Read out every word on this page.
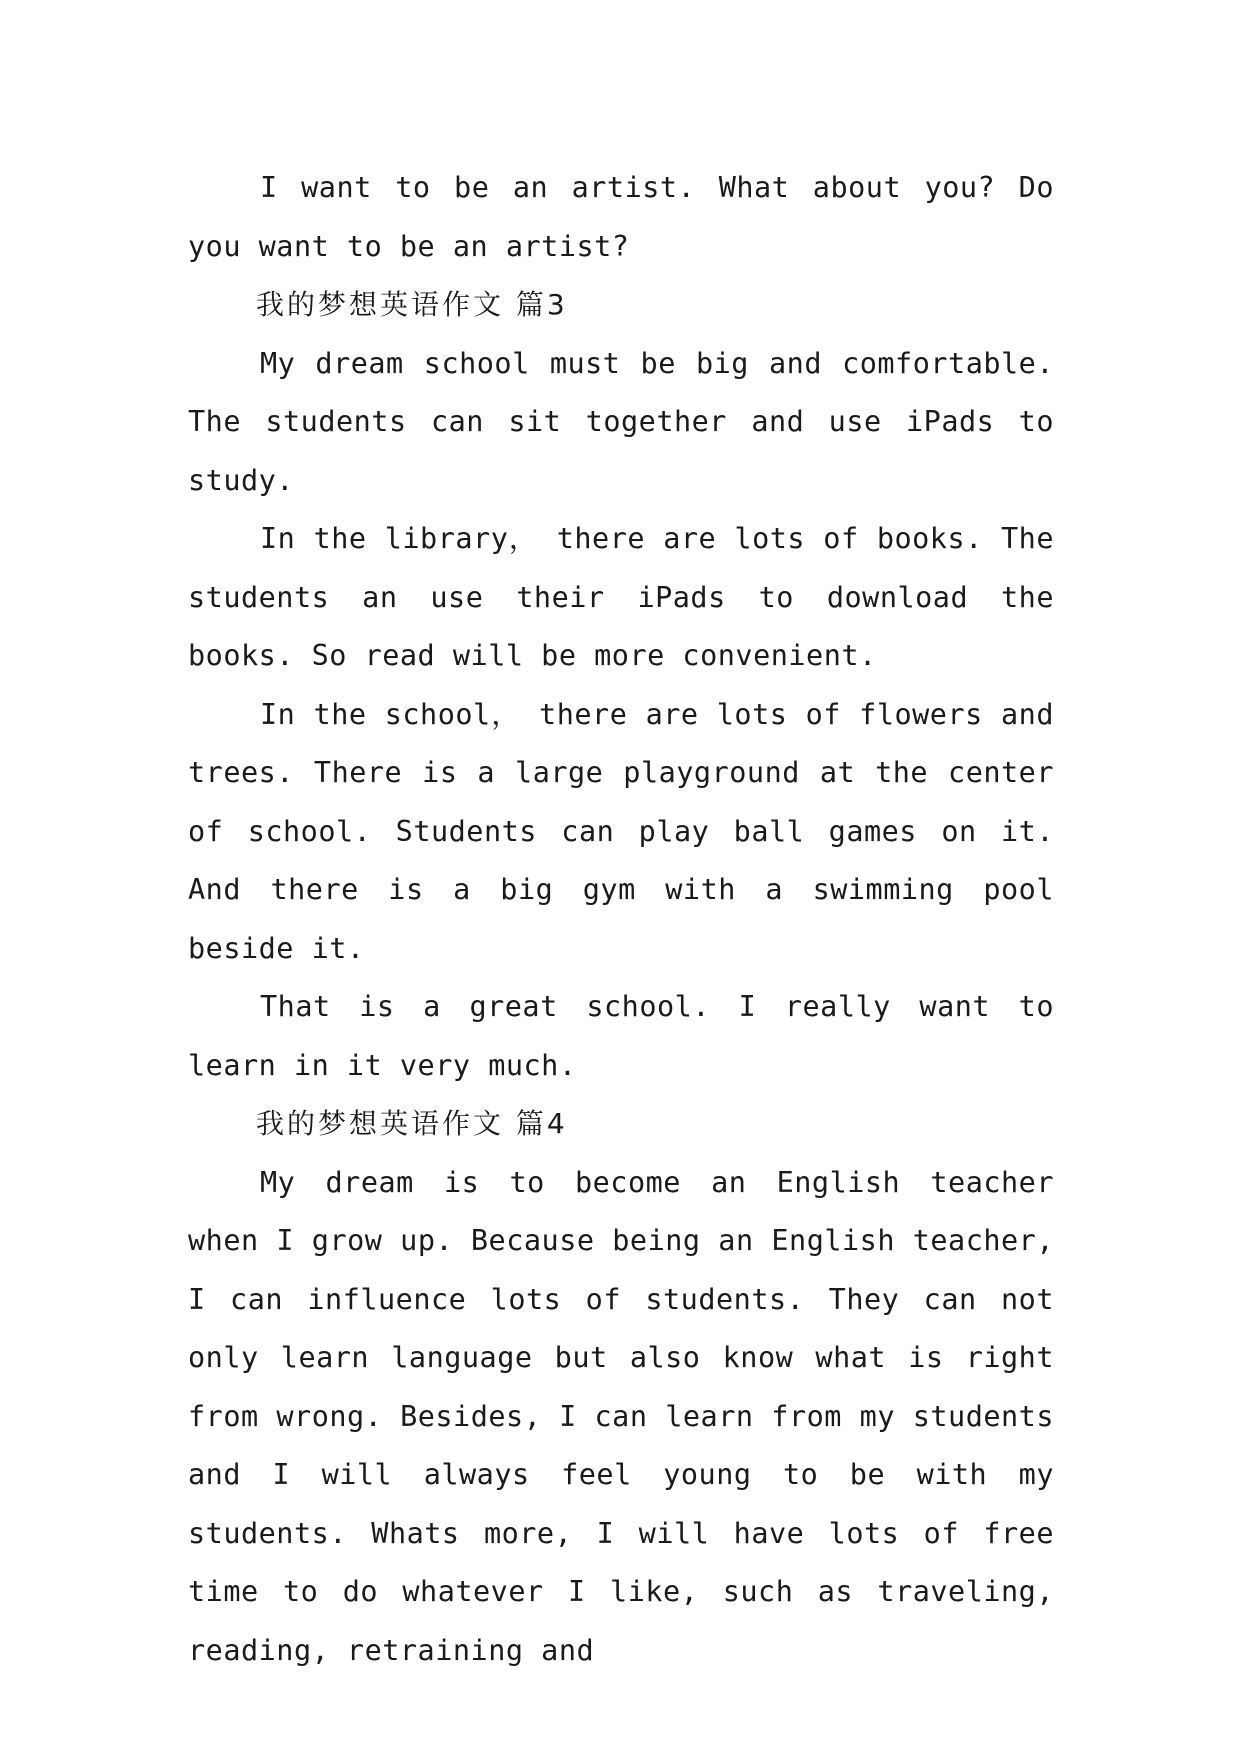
I want to be an artist. What about you? Do you want to be an artist?

我的梦想英语作文 篇3

My dream school must be big and comfortable. The students can sit together and use iPads to study.

In the library， there are lots of books. The students an use their iPads to download the books. So read will be more convenient.

In the school， there are lots of flowers and trees. There is a large playground at the center of school. Students can play ball games on it. And there is a big gym with a swimming pool beside it.

That is a great school. I really want to learn in it very much.

我的梦想英语作文 篇4

My dream is to become an English teacher when I grow up. Because being an English teacher, I can influence lots of students. They can not only learn language but also know what is right from wrong. Besides, I can learn from my students and I will always feel young to be with my students. Whats more, I will have lots of free time to do whatever I like, such as traveling, reading, retraining and
